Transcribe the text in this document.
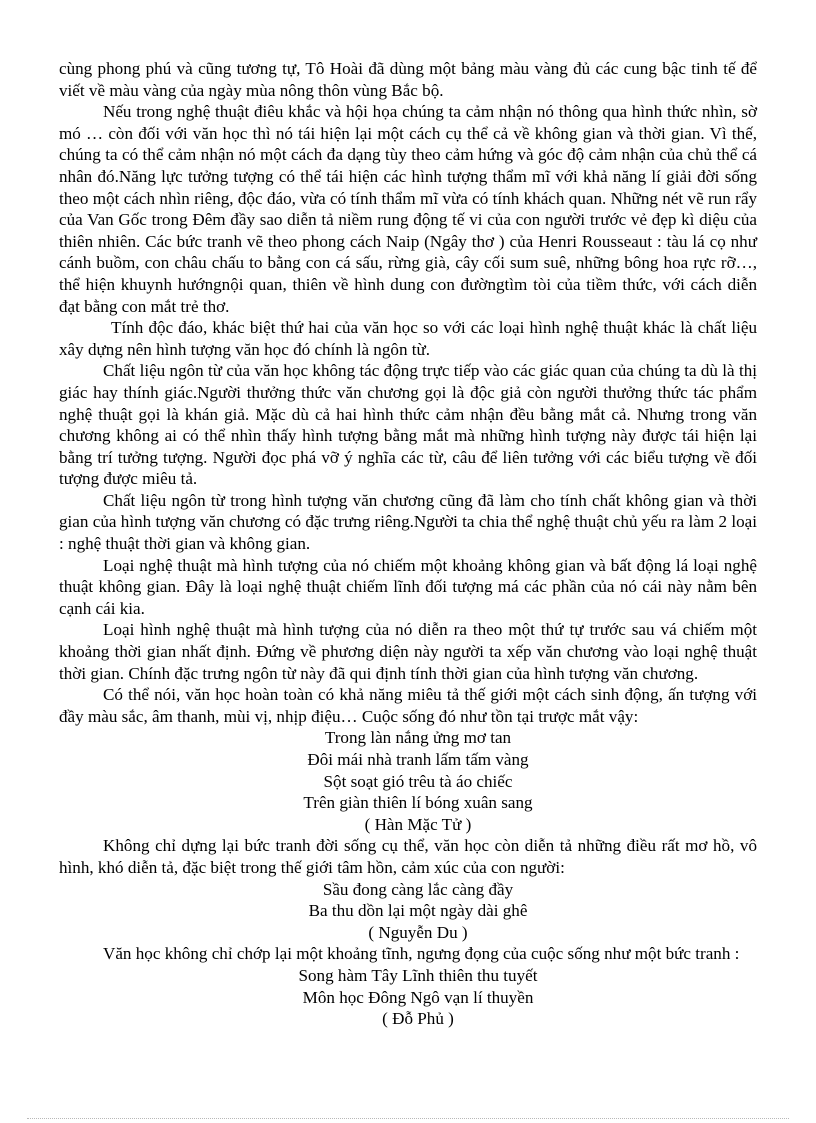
cùng phong phú và cũng tương tự, Tô Hoài đã dùng một bảng màu vàng đủ các cung bậc tinh tế để viết về màu vàng của ngày mùa nông thôn vùng Bắc bộ.

Nếu trong nghệ thuật điêu khắc và hội họa chúng ta cảm nhận nó thông qua hình thức nhìn, sờ mó … còn đối với văn học thì nó tái hiện lại một cách cụ thể cả về không gian và thời gian. Vì thế, chúng ta có thể cảm nhận nó một cách đa dạng tùy theo cảm hứng và góc độ cảm nhận của chủ thể cá nhân đó.Năng lực tưởng tượng có thể tái hiện các hình tượng thẩm mĩ với khả năng lí giải đời sống theo một cách nhìn riêng, độc đáo, vừa có tính thẩm mĩ vừa có tính khách quan. Những nét vẽ run rẩy của Van Gốc trong Đêm đầy sao diễn tả niềm rung động tế vi của con người trước vẻ đẹp kì diệu của thiên nhiên. Các bức tranh vẽ theo phong cách Naip (Ngây thơ ) của Henri Rousseaut : tàu lá cọ như cánh buồm, con châu chấu to bằng con cá sấu, rừng già, cây cối sum suê, những bông hoa rực rỡ…, thể hiện khuynh hướngnội quan, thiên về hình dung con đườngtìm tòi của tiềm thức, với cách diễn đạt bằng con mắt trẻ thơ.

Tính độc đáo, khác biệt thứ hai của văn học so với các loại hình nghệ thuật khác là chất liệu xây dựng nên hình tượng văn học đó chính là ngôn từ.

Chất liệu ngôn từ của văn học không tác động trực tiếp vào các giác quan của chúng ta dù là thị giác hay thính giác.Người thưởng thức văn chương gọi là độc giả còn người thưởng thức tác phẩm nghệ thuật gọi là khán giả. Mặc dù cả hai hình thức cảm nhận đều bằng mắt cả. Nhưng trong văn chương không ai có thể nhìn thấy hình tượng bằng mắt mà những hình tượng này được tái hiện lại bằng trí tưởng tượng. Người đọc phá vỡ ý nghĩa các từ, câu để liên tưởng với các biểu tượng về đối tượng được miêu tả.

Chất liệu ngôn từ trong hình tượng văn chương cũng đã làm cho tính chất không gian và thời gian của hình tượng văn chương có đặc trưng riêng.Người ta chia thể nghệ thuật chủ yếu ra làm 2 loại : nghệ thuật thời gian và không gian.

Loại nghệ thuật mà hình tượng của nó chiếm một khoảng không gian và bất động lá loại nghệ thuật không gian. Đây là loại nghệ thuật chiếm lĩnh đối tượng má các phần của nó cái này nằm bên cạnh cái kia.

Loại hình nghệ thuật mà hình tượng của nó diễn ra theo một thứ tự trước sau vá chiếm một khoảng thời gian nhất định. Đứng về phương diện này người ta xếp văn chương vào loại nghệ thuật thời gian. Chính đặc trưng ngôn từ này đã qui định tính thời gian của hình tượng văn chương.

Có thể nói, văn học hoàn toàn có khả năng miêu tả thế giới một cách sinh động, ấn tượng với đầy màu sắc, âm thanh, mùi vị, nhịp điệu… Cuộc sống đó như tồn tại trược mắt vậy:

Trong làn nắng ửng mơ tan

Đôi mái nhà tranh lấm tấm vàng

Sột soạt gió trêu tà áo chiếc

Trên giàn thiên lí bóng xuân sang

( Hàn Mặc Tử )

Không chỉ dựng lại bức tranh đời sống cụ thể, văn học còn diễn tả những điều rất mơ hồ, vô hình, khó diễn tả, đặc biệt trong thế giới tâm hồn, cảm xúc của con người:

Sầu đong càng lắc càng đầy

Ba thu dồn lại một ngày dài ghê

( Nguyễn Du )

Văn học không chỉ chớp lại một khoảng tĩnh, ngưng đọng của cuộc sống như một bức tranh :

Song hàm Tây Lĩnh thiên thu tuyết

Môn học Đông Ngô vạn lí thuyền

( Đỗ Phủ )
